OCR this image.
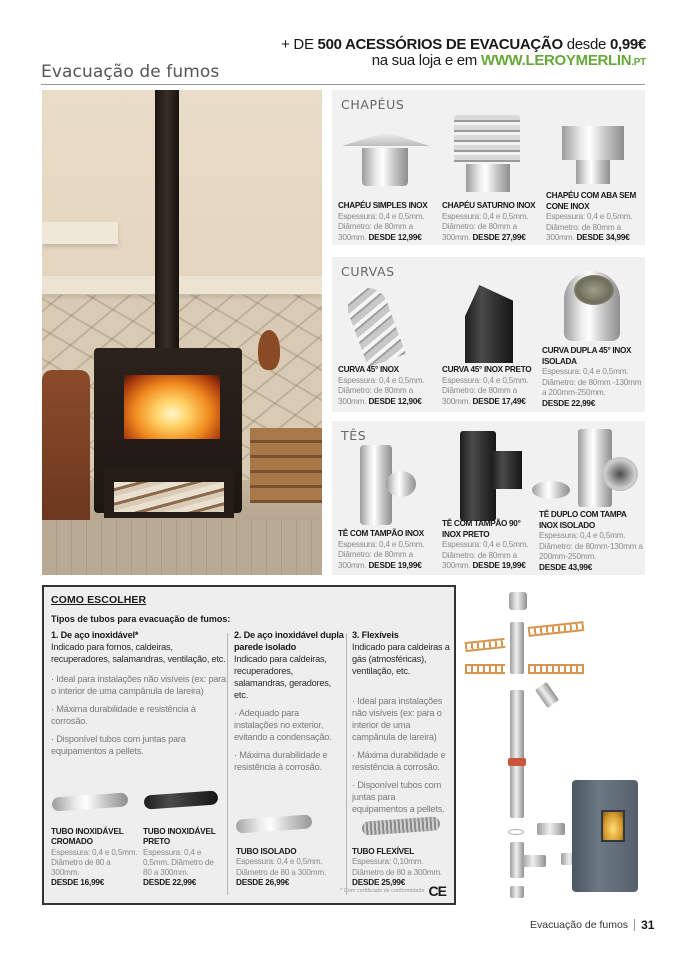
+ DE 500 ACESSÓRIOS DE EVACUAÇÃO desde 0,99€
na sua loja e em WWW.LEROYMERLIN.PT
Evacuação de fumos
CHAPÉUS
CHAPÉU SIMPLES INOX
Espessura: 0,4 e 0,5mm. Diâmetro: de 80mm a 300mm. DESDE 12,99€
CHAPÉU SATURNO INOX
Espessura: 0,4 e 0,5mm. Diâmetro: de 80mm a 300mm. DESDE 27,99€
CHAPÉU COM ABA SEM CONE INOX
Espessura: 0,4 e 0,5mm. Diâmetro: de 80mm a 300mm. DESDE 34,99€
CURVAS
CURVA 45° INOX
Espessura: 0,4 e 0,5mm. Diâmetro: de 80mm a 300mm. DESDE 12,90€
CURVA 45° INOX PRETO
Espessura: 0,4 e 0,5mm. Diâmetro: de 80mm a 300mm. DESDE 17,49€
CURVA DUPLA 45° INOX ISOLADA
Espessura: 0,4 e 0,5mm. Diâmetro: de 80mm -130mm a 200mm-250mm.
DESDE 22,99€
TÊS
TÊ COM TAMPÃO INOX
Espessura: 0,4 e 0,5mm. Diâmetro: de 80mm a 300mm. DESDE 19,99€
TÊ COM TAMPÃO 90° INOX PRETO
Espessura: 0,4 e 0,5mm. Diâmetro: de 80mm a 300mm. DESDE 19,99€
TÊ DUPLO COM TAMPA INOX ISOLADO
Espessura: 0,4 e 0,5mm. Diâmetro: de 80mm-130mm a 200mm-250mm.
DESDE 43,99€
COMO ESCOLHER
Tipos de tubos para evacuação de fumos:
1. De aço inoxidável*
Indicado para fornos, caldeiras, recuperadores, salamandras, ventilação, etc.
· Ideal para instalações não visíveis (ex: para o interior de uma campânula de lareira)
· Máxima durabilidade e resistência à corrosão.
· Disponível tubos com juntas para equipamentos a pellets.
2. De aço inoxidável dupla parede isolado
Indicado para caldeiras, recuperadores, salamandras, geradores, etc.
· Adequado para instalações no exterior, evitando a condensação.
· Máxima durabilidade e resistência à corrosão.
3. Flexíveis
Indicado para caldeiras a gás (atmosféricas), ventilação, etc.
· Ideal para instalações não visíveis (ex: para o interior de uma campânula de lareira)
· Máxima durabilidade e resistência à corrosão.
· Disponível tubos com juntas para equipamentos a pellets.
TUBO INOXIDÁVEL CROMADO
Espessura: 0,4 e 0,5mm. Diâmetro de 80 a 300mm.
DESDE 16,99€
TUBO INOXIDÁVEL PRETO
Espessura: 0,4 e 0,5mm. Diâmetro de 80 a 300mm.
DESDE 22,99€
TUBO ISOLADO
Espessura: 0,4 e 0,5mm. Diâmetro de 80 a 300mm.
DESDE 26,99€
TUBO FLEXÍVEL
Espessura: 0,10mm. Diâmetro de 80 a 300mm.
DESDE 25,99€
* Com certificado de conformidade CE
Evacuação de fumos 31
